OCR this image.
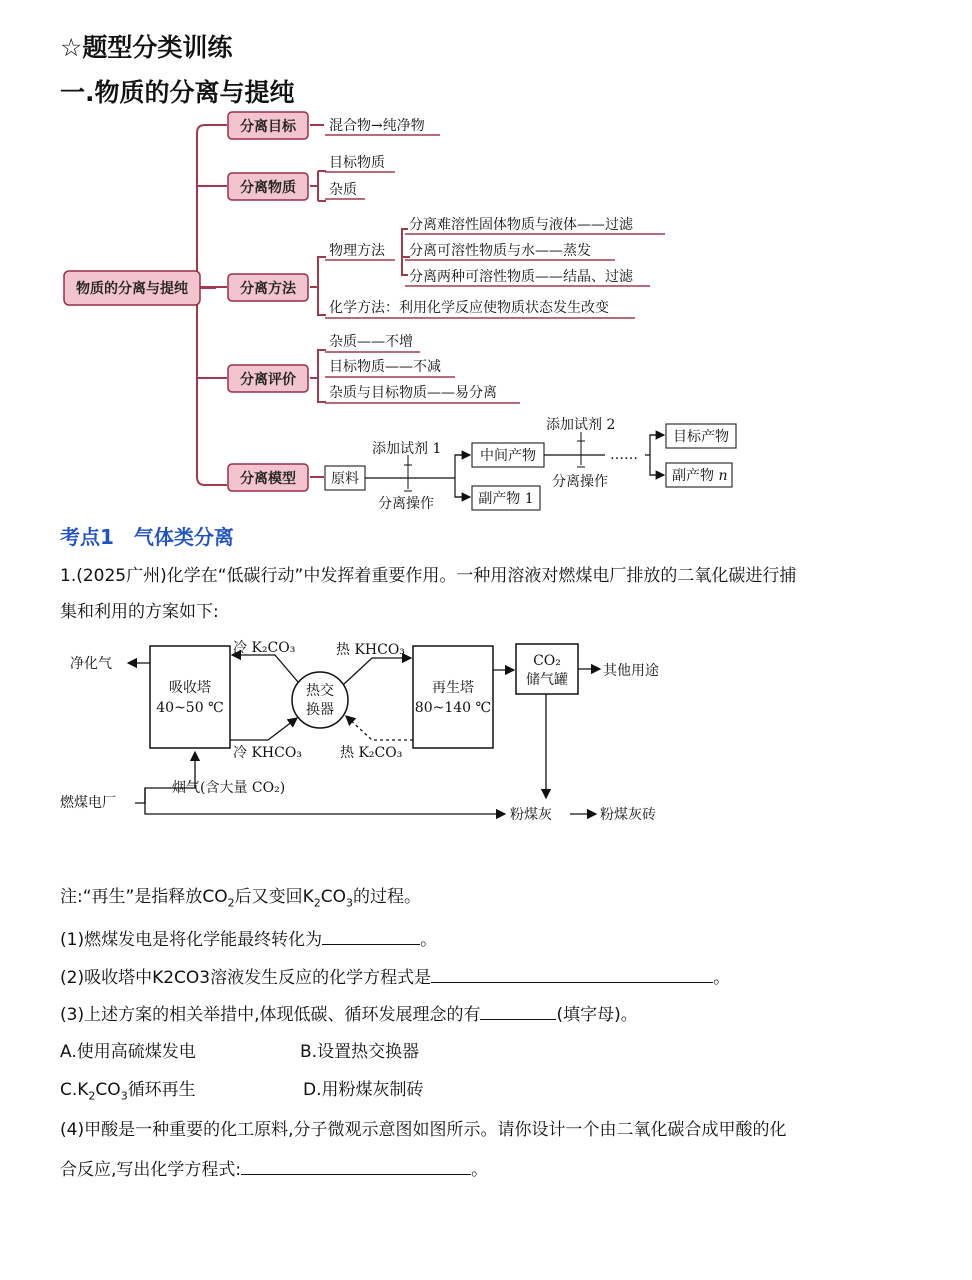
☆题型分类训练
一.物质的分离与提纯
物质的分离与提纯
分离目标
分离物质
分离方法
分离评价
分离模型
混合物→纯净物
目标物质
杂质
物理方法
分离难溶性固体物质与液体——过滤
分离可溶性物质与水——蒸发
分离两种可溶性物质——结晶、过滤
化学方法：利用化学反应使物质状态发生改变
杂质——不增
目标物质——不减
杂质与目标物质——易分离
原料
添加试剂 1
分离操作
中间产物
副产物 1
添加试剂 2
分离操作
……
目标产物
副产物 n
考点1　气体类分离
1.(2025广州)化学在“低碳行动”中发挥着重要作用。一种用溶液对燃煤电厂排放的二氧化碳进行捕
集和利用的方案如下:
吸收塔
40~50 ℃
净化气
热交
换器
冷 K₂CO₃
冷 KHCO₃
再生塔
80~140 ℃
热 KHCO₃
热 K₂CO₃
CO₂
储气罐
其他用途
燃煤电厂
烟气(含大量 CO₂)
粉煤灰	粉煤灰砖
注:“再生”是指释放$CO_2$后又变回$K_2CO_3$的过程。
(1)燃煤发电是将化学能最终转化为	。
(2)吸收塔中K2CO3溶液发生反应的化学方程式是	。
(3)上述方案的相关举措中,体现低碳、循环发展理念的有	(填字母)。
A.使用高硫煤发电	B.设置热交换器
$C.K_2CO_3$循环再生	D.用粉煤灰制砖
(4)甲酸是一种重要的化工原料,分子微观示意图如图所示。请你设计一个由二氧化碳合成甲酸的化
合反应,写出化学方程式:	。
